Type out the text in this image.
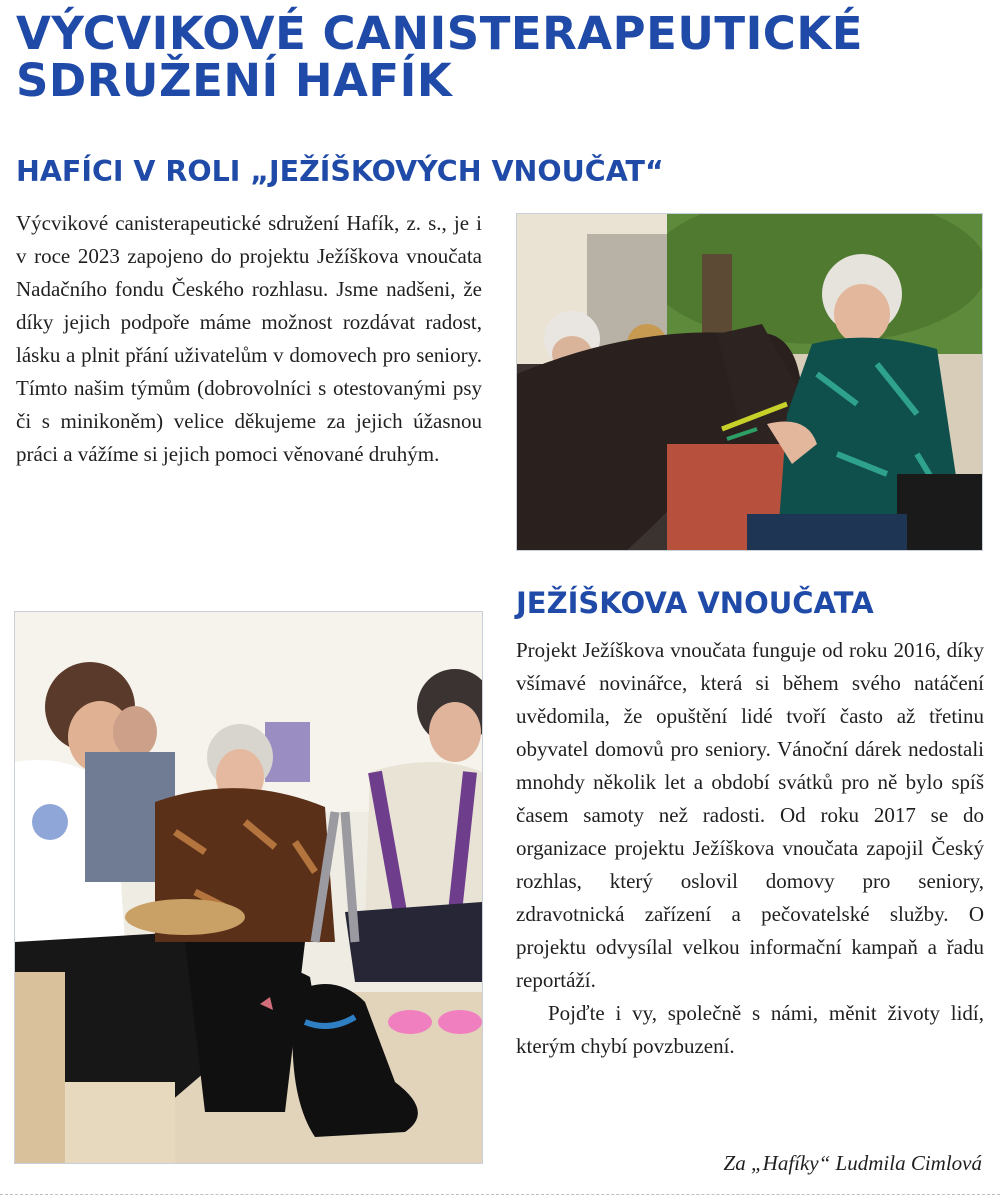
VÝCVIKOVÉ CANISTERAPEUTICKÉ SDRUŽENÍ HAFÍK
HAFÍCI V ROLI „JEŽÍŠKOVÝCH VNOUČAT“

Výcvikové canisterapeutické sdružení Hafík, z. s., je i v roce 2023 zapojeno do projektu Ježíškova vnoučata Nadačního fondu Českého rozhlasu. Jsme nadšeni, že díky jejich podpoře máme možnost rozdávat radost, lásku a plnit přání uživatelům v domovech pro seniory. Tímto našim týmům (dobrovolníci s otestovanými psy či s minikoněm) velice děkujeme za jejich úžasnou práci a vážíme si jejich pomoci věnované druhým.

JEŽÍŠKOVA VNOUČATA

Projekt Ježíškova vnoučata funguje od roku 2016, díky všímavé novinářce, která si během svého natáčení uvědomila, že opuštění lidé tvoří často až třetinu obyvatel domovů pro seniory. Vánoční dárek nedostali mnohdy několik let a období svátků pro ně bylo spíš časem samoty než radosti. Od roku 2017 se do organizace projektu Ježíškova vnoučata zapojil Český rozhlas, který oslovil domovy pro seniory, zdravotnická zařízení a pečovatelské služby. O projektu odvysílal velkou informační kampaň a řadu reportáží.

Pojďte i vy, společně s námi, měnit životy lidí, kterým chybí povzbuzení.

Za „Hafíky“ Ludmila Cimlová
